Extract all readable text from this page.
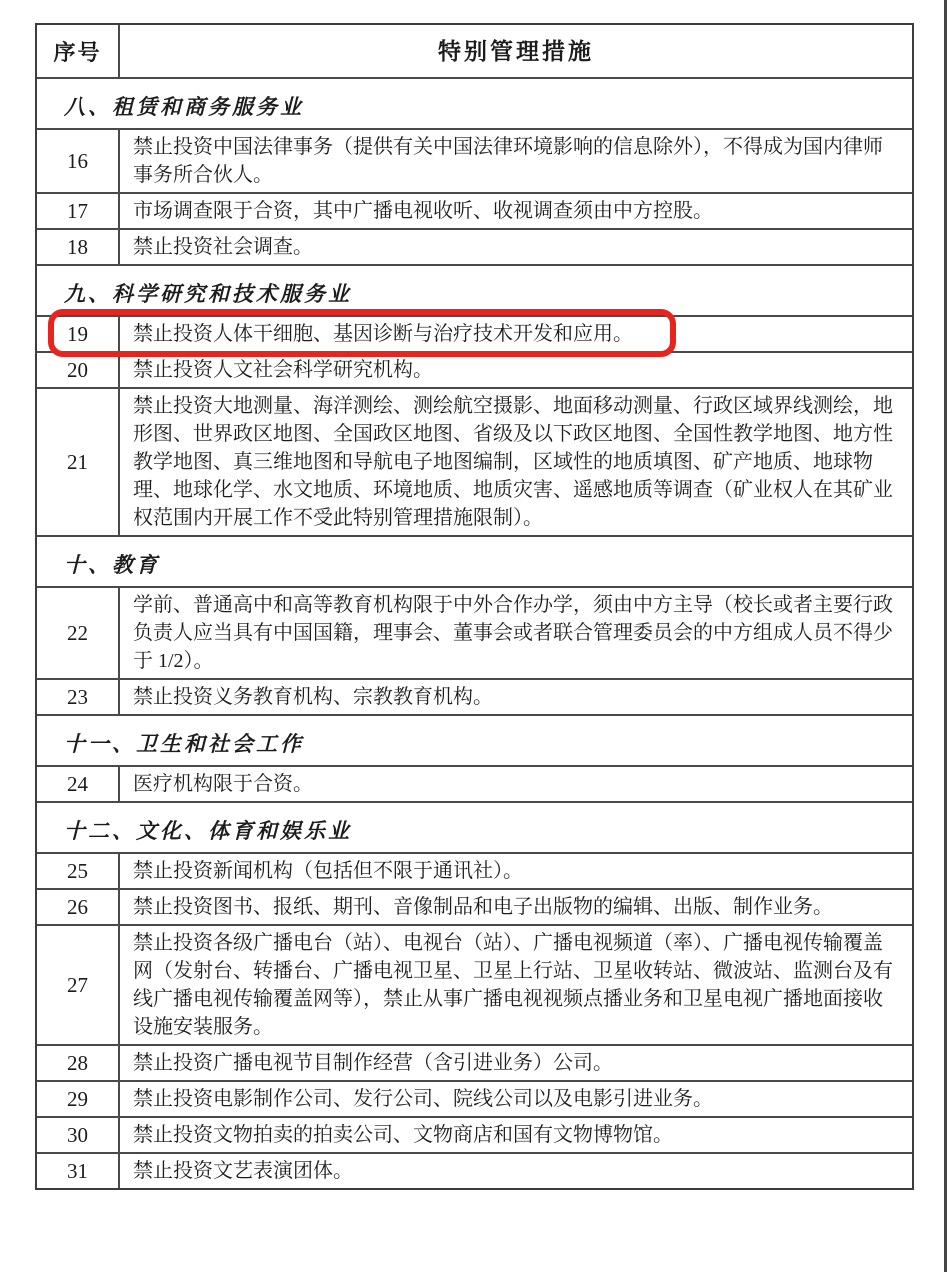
序号	特别管理措施
八、租赁和商务服务业
16
禁止投资中国法律事务（提供有关中国法律环境影响的信息除外），不得成为国内律师事务所合伙人。
17 市场调查限于合资，其中广播电视收听、收视调查须由中方控股。
18 禁止投资社会调查。
九、科学研究和技术服务业
19 禁止投资人体干细胞、基因诊断与治疗技术开发和应用。
20 禁止投资人文社会科学研究机构。
21
禁止投资大地测量、海洋测绘、测绘航空摄影、地面移动测量、行政区域界线测绘，地形图、世界政区地图、全国政区地图、省级及以下政区地图、全国性教学地图、地方性教学地图、真三维地图和导航电子地图编制，区域性的地质填图、矿产地质、地球物理、地球化学、水文地质、环境地质、地质灾害、遥感地质等调查（矿业权人在其矿业权范围内开展工作不受此特别管理措施限制）。
十、教育
22
学前、普通高中和高等教育机构限于中外合作办学，须由中方主导（校长或者主要行政负责人应当具有中国国籍，理事会、董事会或者联合管理委员会的中方组成人员不得少于 1/2）。
23 禁止投资义务教育机构、宗教教育机构。
十一、卫生和社会工作
24 医疗机构限于合资。
十二、文化、体育和娱乐业
25 禁止投资新闻机构（包括但不限于通讯社）。
26 禁止投资图书、报纸、期刊、音像制品和电子出版物的编辑、出版、制作业务。
27
禁止投资各级广播电台（站）、电视台（站）、广播电视频道（率）、广播电视传输覆盖网（发射台、转播台、广播电视卫星、卫星上行站、卫星收转站、微波站、监测台及有线广播电视传输覆盖网等），禁止从事广播电视视频点播业务和卫星电视广播地面接收设施安装服务。
28 禁止投资广播电视节目制作经营（含引进业务）公司。
29 禁止投资电影制作公司、发行公司、院线公司以及电影引进业务。
30 禁止投资文物拍卖的拍卖公司、文物商店和国有文物博物馆。
31 禁止投资文艺表演团体。
